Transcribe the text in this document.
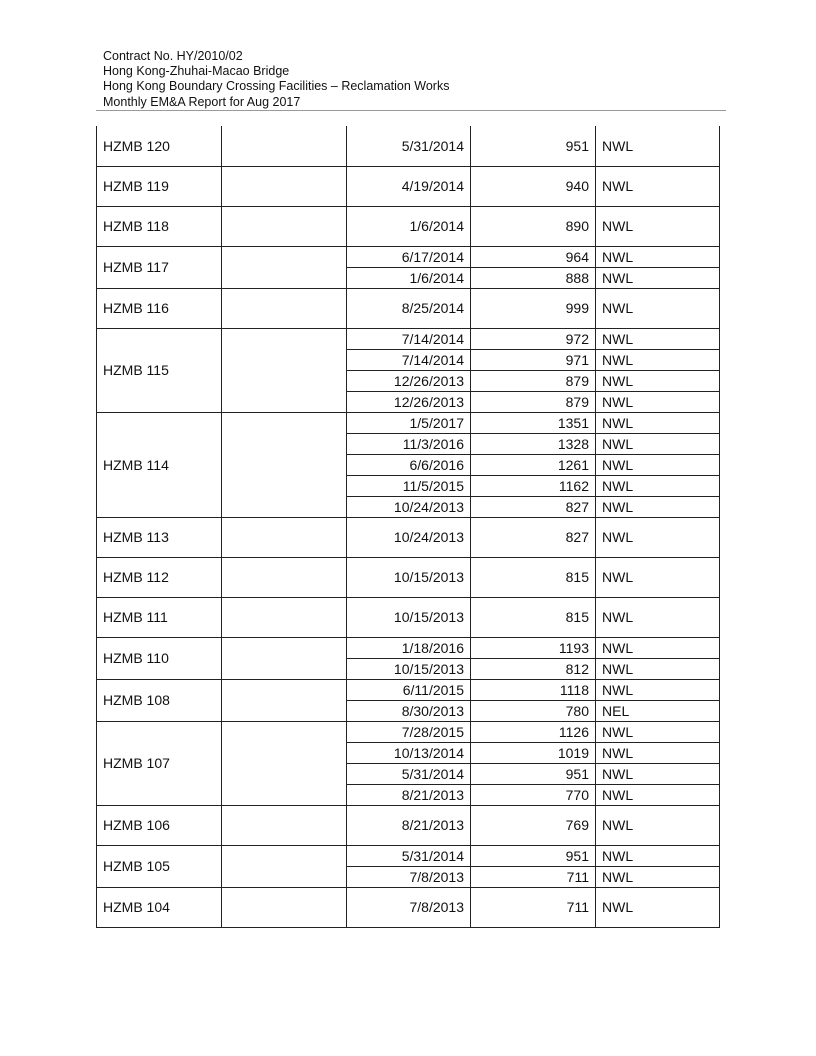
Contract No. HY/2010/02
Hong Kong-Zhuhai-Macao Bridge
Hong Kong Boundary Crossing Facilities – Reclamation Works
Monthly EM&A Report for Aug 2017
HZMB 120		5/31/2014	951	NWL
HZMB 119		4/19/2014	940	NWL
HZMB 118		1/6/2014	890	NWL
HZMB 117		6/17/2014	964	NWL
		1/6/2014	888	NWL
HZMB 116		8/25/2014	999	NWL
HZMB 115		7/14/2014	972	NWL
		7/14/2014	971	NWL
		12/26/2013	879	NWL
		12/26/2013	879	NWL
HZMB 114		1/5/2017	1351	NWL
		11/3/2016	1328	NWL
		6/6/2016	1261	NWL
		11/5/2015	1162	NWL
		10/24/2013	827	NWL
HZMB 113		10/24/2013	827	NWL
HZMB 112		10/15/2013	815	NWL
HZMB 111		10/15/2013	815	NWL
HZMB 110		1/18/2016	1193	NWL
		10/15/2013	812	NWL
HZMB 108		6/11/2015	1118	NWL
		8/30/2013	780	NEL
HZMB 107		7/28/2015	1126	NWL
		10/13/2014	1019	NWL
		5/31/2014	951	NWL
		8/21/2013	770	NWL
HZMB 106		8/21/2013	769	NWL
HZMB 105		5/31/2014	951	NWL
		7/8/2013	711	NWL
HZMB 104		7/8/2013	711	NWL
